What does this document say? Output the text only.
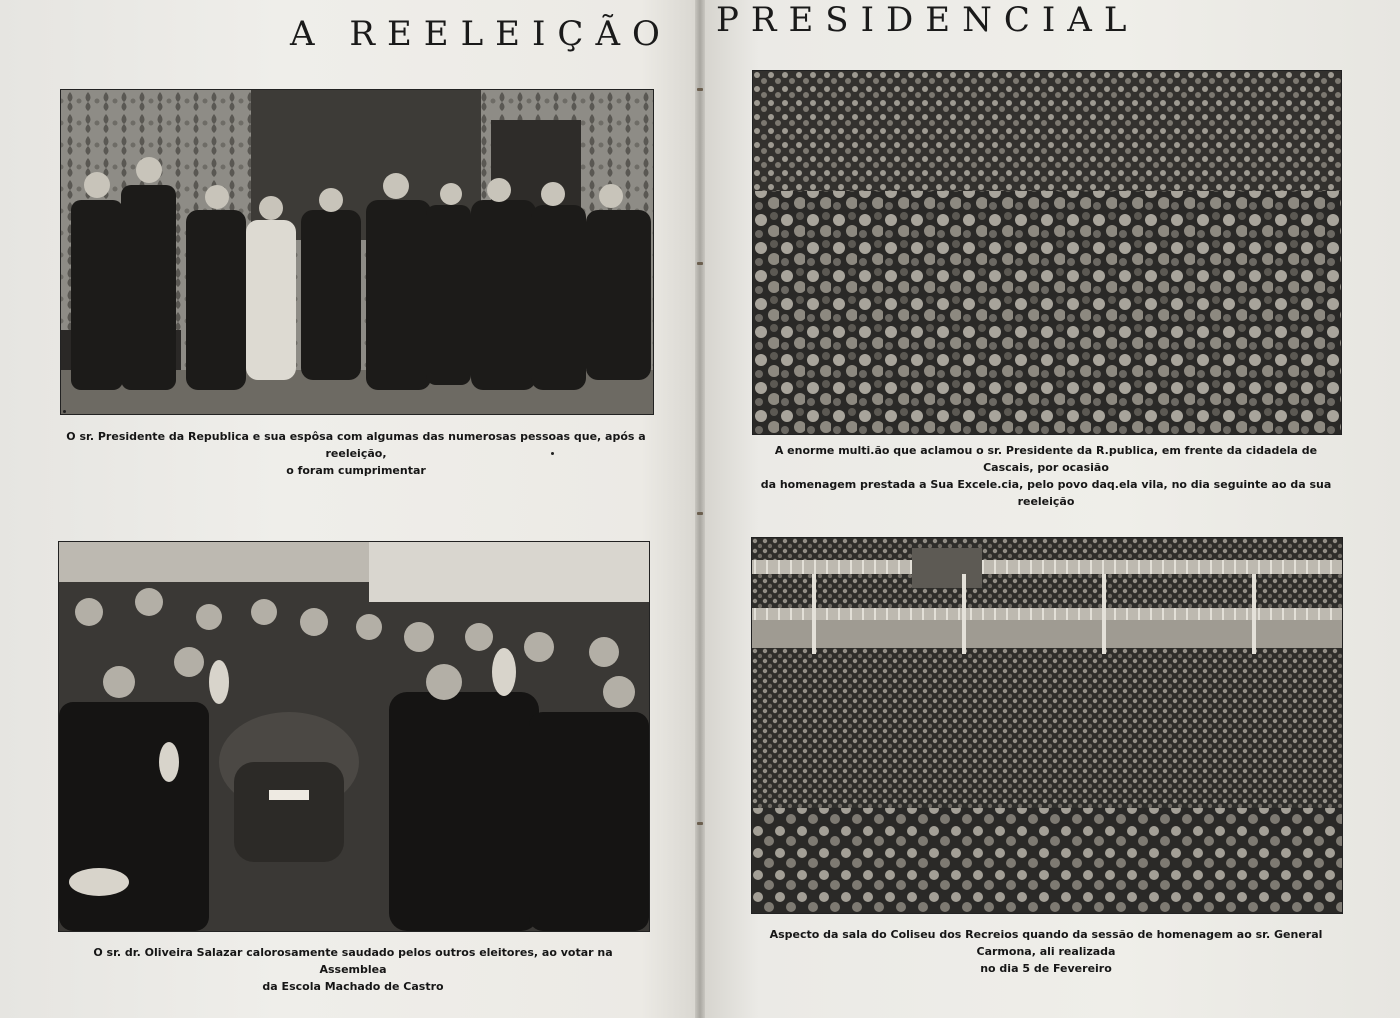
A REELEIÇÃO PRESIDENCIAL

O sr. Presidente da Republica e sua espôsa com algumas das numerosas pessoas que, após a reeleição,
o foram cumprimentar

A enorme multi.ão que aclamou o sr. Presidente da R.publica, em frente da cidadela de Cascais, por ocasião
da homenagem prestada a Sua Excele.cia, pelo povo daq.ela vila, no dia seguinte ao da sua reeleição

O sr. dr. Oliveira Salazar calorosamente saudado pelos outros eleitores, ao votar na Assemblea
da Escola Machado de Castro

Aspecto da sala do Coliseu dos Recreios quando da sessão de homenagem ao sr. General Carmona, ali realizada
no dia 5 de Fevereiro
